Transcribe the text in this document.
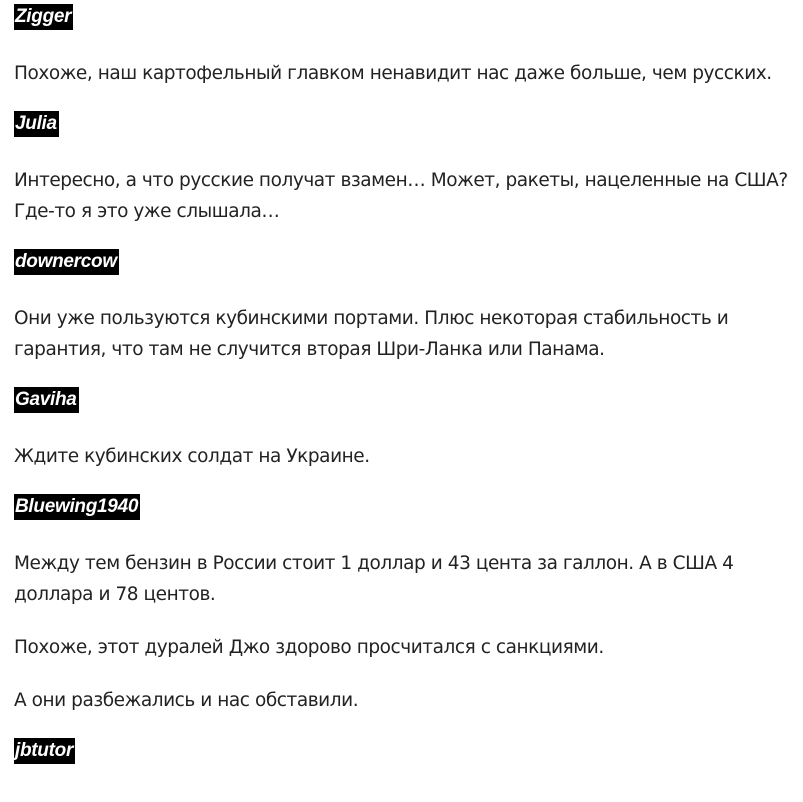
Zigger

Похоже, наш картофельный главком ненавидит нас даже больше, чем русских.

Julia

Интересно, а что русские получат взамен… Может, ракеты, нацеленные на США? Где-то я это уже слышала…

downercow

Они уже пользуются кубинскими портами. Плюс некоторая стабильность и гарантия, что там не случится вторая Шри-Ланка или Панама.

Gaviha

Ждите кубинских солдат на Украине.

Bluewing1940

Между тем бензин в России стоит 1 доллар и 43 цента за галлон. А в США 4 доллара и 78 центов.

Похоже, этот дуралей Джо здорово просчитался с санкциями.

А они разбежались и нас обставили.

jbtutor
